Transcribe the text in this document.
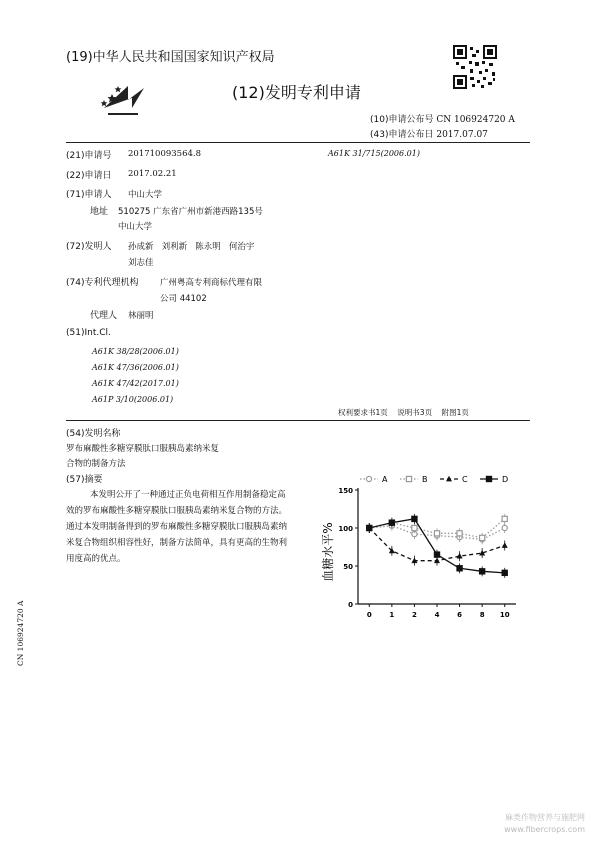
(19)中华人民共和国国家知识产权局
(12)发明专利申请
(10)申请公布号 CN 106924720 A
(43)申请公布日 2017.07.07
(21)申请号 201710093564.8	A61K 31/715(2006.01)
(22)申请日 2017.02.21
(71)申请人 中山大学
地址 510275 广东省广州市新港西路135号
中山大学
(72)发明人 孙成新   刘利新   陈永明   何治宇
刘志佳
(74)专利代理机构	广州粤高专利商标代理有限
公司 44102
代理人 林丽明
(51)Int.Cl.
A61K 38/28(2006.01)
A61K 47/36(2006.01)
A61K 47/42(2017.01)
A61P 3/10(2006.01)
权利要求书1页    说明书3页    附图1页
(54)发明名称
罗布麻酸性多糖穿膜肽口服胰岛素纳米复
合物的制备方法
(57)摘要
本发明公开了一种通过正负电荷相互作用制备稳定高效的罗布麻酸性多糖穿膜肽口服胰岛素纳米复合物的方法。通过本发明制备得到的罗布麻酸性多糖穿膜肽口服胰岛素纳米复合物组织相容性好，制备方法简单，具有更高的生物利用度高的优点。
A	B	C	D
0
50
100
150
0	1	2	4	6	8 10
血糖水平%
CN 106924720 A
麻类作物营养与施肥网
www.fibercrops.com
